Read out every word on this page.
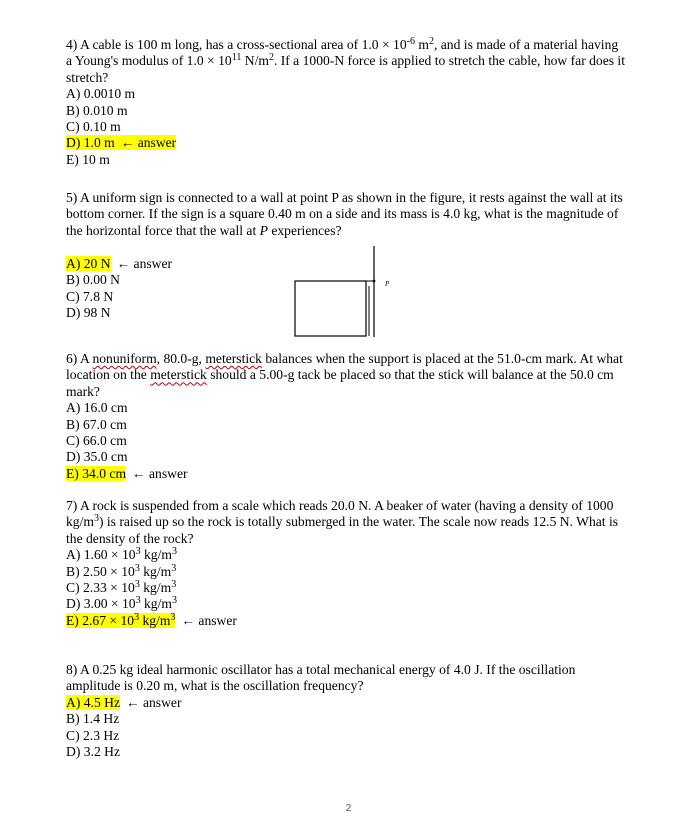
4) A cable is 100 m long, has a cross-sectional area of $1.0 \times 10^{-6}$ $m^2$, and is made of a material having a Young's modulus of $1.0 \times 10^{11}$ $N/m^2$. If a 1000-N force is applied to stretch the cable, how far does it stretch?

A) 0.0010 m

B) 0.010 m

C) 0.10 m

D) 1.0 m ← answer

E) 10 m

5) A uniform sign is connected to a wall at point P as shown in the figure, it rests against the wall at its bottom corner. If the sign is a square 0.40 m on a side and its mass is 4.0 kg, what is the magnitude of the horizontal force that the wall at P experiences?

A) 20 N ← answer

B) 0.00 N

C) 7.8 N

D) 98 N

P

6) A nonuniform, 80.0-g, meterstick balances when the support is placed at the 51.0-cm mark. At what location on the meterstick should a 5.00-g tack be placed so that the stick will balance at the 50.0 cm mark?

A) 16.0 cm

B) 67.0 cm

C) 66.0 cm

D) 35.0 cm

E) 34.0 cm ← answer

7) A rock is suspended from a scale which reads 20.0 N. A beaker of water (having a density of 1000 $kg/m^3$) is raised up so the rock is totally submerged in the water. The scale now reads 12.5 N. What is the density of the rock?

A) $1.60 \times 10^3$ $kg/m^3$

B) $2.50 \times 10^3$ $kg/m^3$

C) $2.33 \times 10^3$ $kg/m^3$

D) $3.00 \times 10^3$ $kg/m^3$

E) $2.67 \times 10^3$ $kg/m^3$ ← answer

8) A 0.25 kg ideal harmonic oscillator has a total mechanical energy of 4.0 J. If the oscillation amplitude is 0.20 m, what is the oscillation frequency?

A) 4.5 Hz ← answer

B) 1.4 Hz

C) 2.3 Hz

D) 3.2 Hz

2
